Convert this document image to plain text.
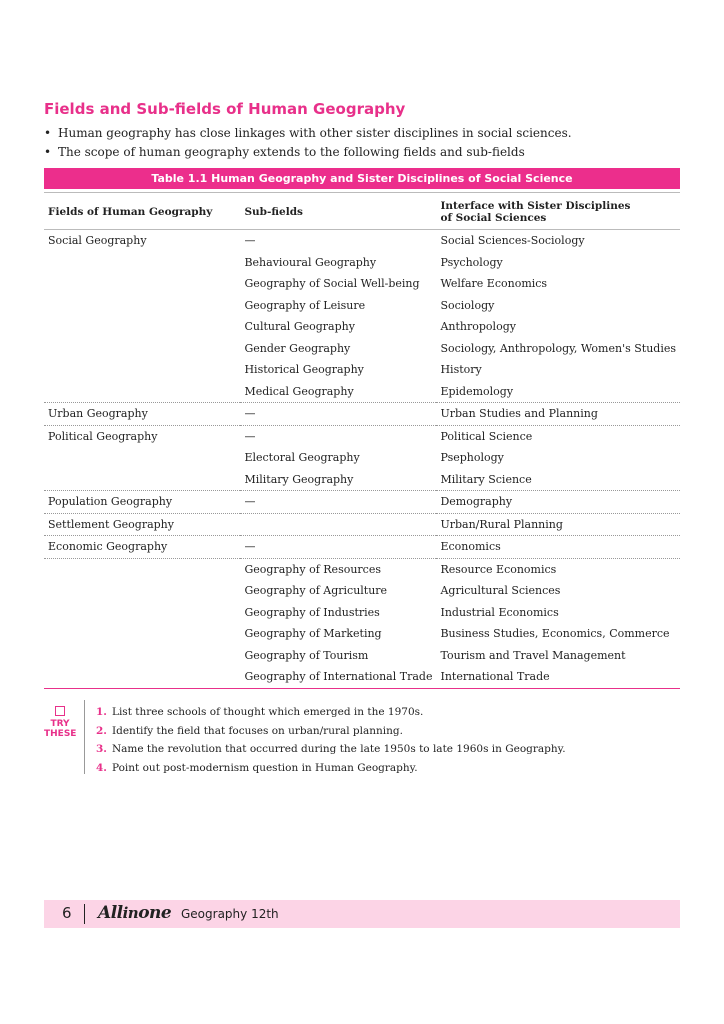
Fields and Sub-fields of Human Geography
• Human geography has close linkages with other sister disciplines in social sciences.
• The scope of human geography extends to the following fields and sub-fields
Table 1.1 Human Geography and Sister Disciplines of Social Science
Fields of Human Geography	Sub-fields	Interface with Sister Disciplines
of Social Sciences
Social Geography	—	Social Sciences-Sociology
	Behavioural Geography	Psychology
	Geography of Social Well-being	Welfare Economics
	Geography of Leisure	Sociology
	Cultural Geography	Anthropology
	Gender Geography	Sociology, Anthropology, Women's Studies
	Historical Geography	History
	Medical Geography	Epidemology
Urban Geography	—	Urban Studies and Planning
Political Geography	—	Political Science
	Electoral Geography	Psephology
	Military Geography	Military Science
Population Geography	—	Demography
Settlement Geography		Urban/Rural Planning
Economic Geography	—	Economics
	Geography of Resources	Resource Economics
	Geography of Agriculture	Agricultural Sciences
	Geography of Industries	Industrial Economics
	Geography of Marketing	Business Studies, Economics, Commerce
	Geography of Tourism	Tourism and Travel Management
	Geography of International Trade	International Trade
TRY
THESE
1. List three schools of thought which emerged in the 1970s.
2. Identify the field that focuses on urban/rural planning.
3. Name the revolution that occurred during the late 1950s to late 1960s in Geography.
4. Point out post-modernism question in Human Geography.
6 Allinone Geography 12th
